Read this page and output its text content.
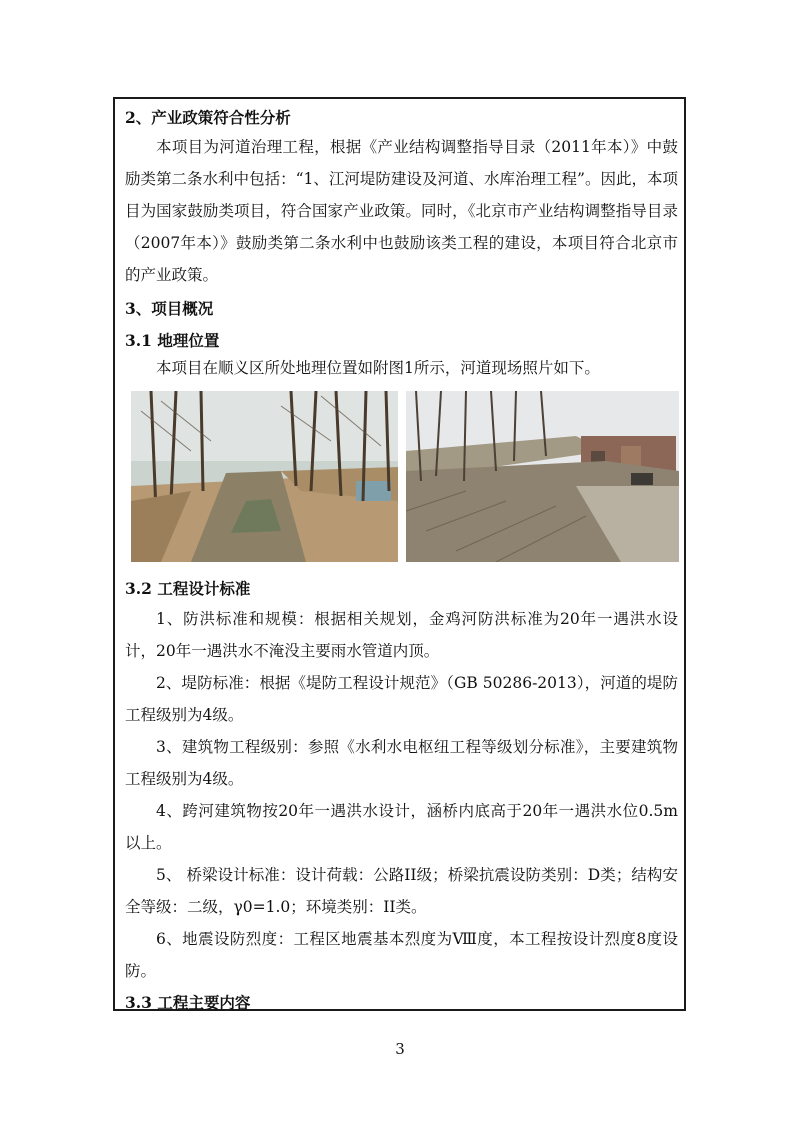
2、产业政策符合性分析
本项目为河道治理工程，根据《产业结构调整指导目录（2011年本）》中鼓励类第二条水利中包括：“1、江河堤防建设及河道、水库治理工程”。因此，本项目为国家鼓励类项目，符合国家产业政策。同时，《北京市产业结构调整指导目录（2007年本）》鼓励类第二条水利中也鼓励该类工程的建设，本项目符合北京市的产业政策。
3、项目概况
3.1 地理位置
本项目在顺义区所处地理位置如附图1所示，河道现场照片如下。
3.2 工程设计标准
1、防洪标准和规模：根据相关规划，金鸡河防洪标准为20年一遇洪水设计，20年一遇洪水不淹没主要雨水管道内顶。
2、堤防标准：根据《堤防工程设计规范》（GB 50286-2013），河道的堤防工程级别为4级。
3、建筑物工程级别：参照《水利水电枢纽工程等级划分标准》，主要建筑物工程级别为4级。
4、跨河建筑物按20年一遇洪水设计，涵桥内底高于20年一遇洪水位0.5m以上。
5、 桥梁设计标准：设计荷载：公路II级；桥梁抗震设防类别：D类；结构安全等级：二级，γ0=1.0；环境类别：II类。
6、地震设防烈度：工程区地震基本烈度为Ⅷ度，本工程按设计烈度8度设防。
3.3 工程主要内容
3
